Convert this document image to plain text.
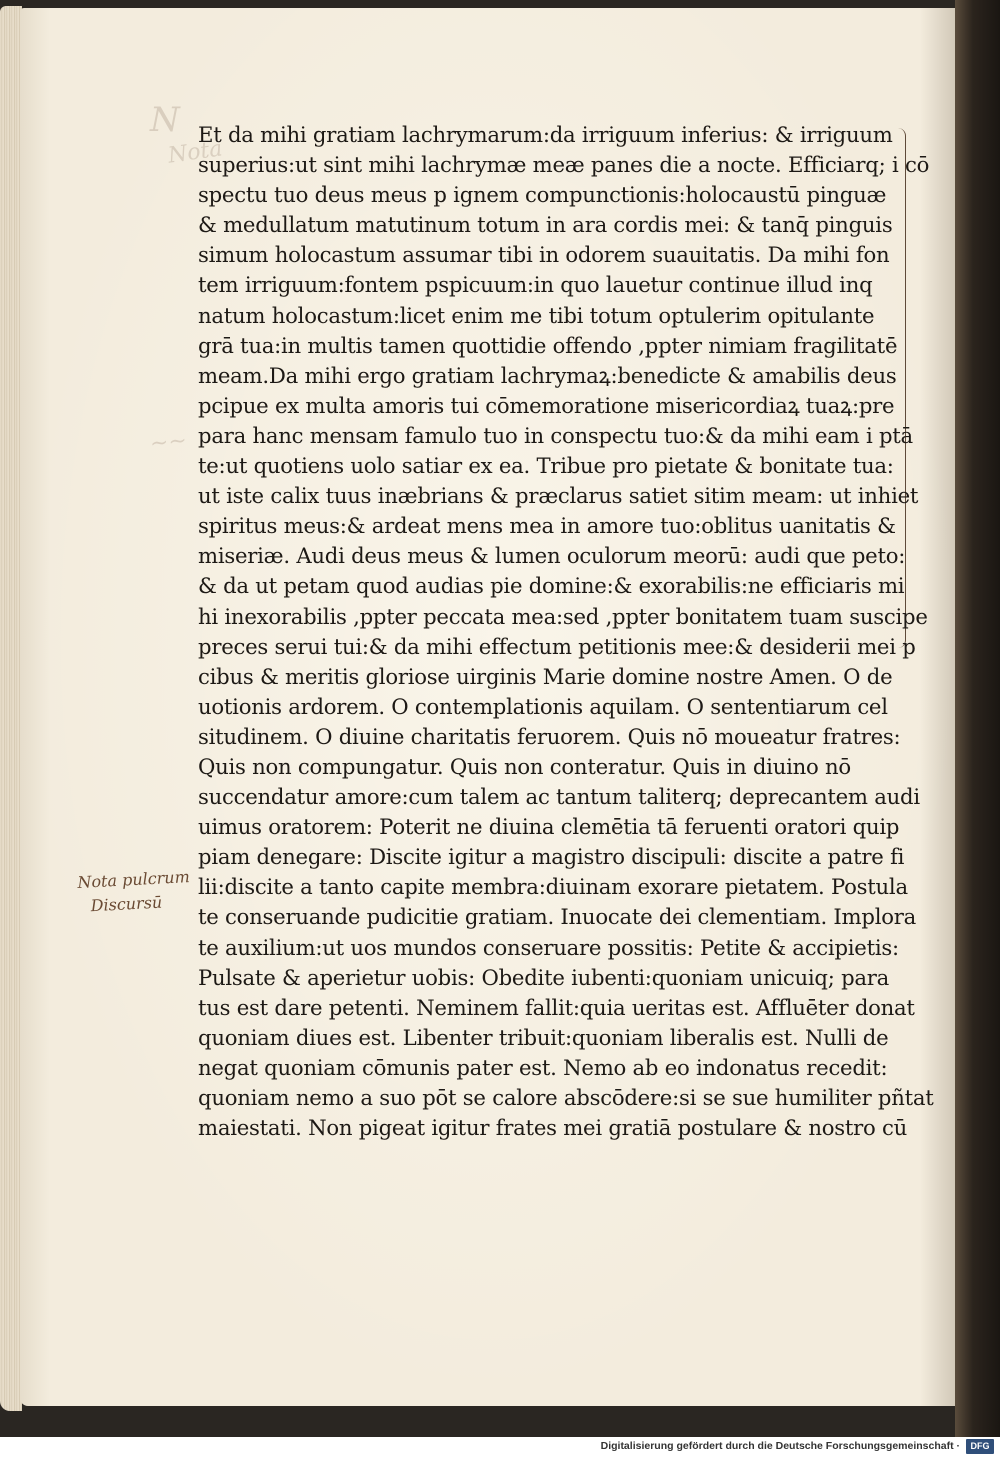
N
Nota
~~
Et da mihi gratiam lachrymarum:da irriguum inferius: & irriguum
superius:ut sint mihi lachrymæ meæ panes die a nocte. Efficiarq; i cō
spectu tuo deus meus p ignem compunctionis:holocaustū pinguæ
& medullatum matutinum totum in ara cordis mei: & tanq̄ pinguis
simum holocastum assumar tibi in odorem suauitatis. Da mihi fon
tem irriguum:fontem pspicuum:in quo lauetur continue illud inq
natum holocastum:licet enim me tibi totum optulerim opitulante
grā tua:in multis tamen quottidie offendo ,ppter nimiam fragilitatē
meam.Da mihi ergo gratiam lachrymaꝝ:benedicte & amabilis deus
pcipue ex multa amoris tui cōmemoratione misericordiaꝝ tuaꝝ:pre
para hanc mensam famulo tuo in conspectu tuo:& da mihi eam i ptā
te:ut quotiens uolo satiar ex ea. Tribue pro pietate & bonitate tua:
ut iste calix tuus inæbrians & præclarus satiet sitim meam: ut inhiet
spiritus meus:& ardeat mens mea in amore tuo:oblitus uanitatis &
miseriæ. Audi deus meus & lumen oculorum meorū: audi que peto:
& da ut petam quod audias pie domine:& exorabilis:ne efficiaris mi
hi inexorabilis ,ppter peccata mea:sed ,ppter bonitatem tuam suscipe
preces serui tui:& da mihi effectum petitionis mee:& desiderii mei p
cibus & meritis gloriose uirginis Marie domine nostre Amen. O de
uotionis ardorem. O contemplationis aquilam. O sententiarum cel
situdinem. O diuine charitatis feruorem. Quis nō moueatur fratres:
Quis non compungatur. Quis non conteratur. Quis in diuino nō
succendatur amore:cum talem ac tantum taliterq; deprecantem audi
uimus oratorem: Poterit ne diuina clemētia tā feruenti oratori quip
piam denegare: Discite igitur a magistro discipuli: discite a patre fi
lii:discite a tanto capite membra:diuinam exorare pietatem. Postula
te conseruande pudicitie gratiam. Inuocate dei clementiam. Implora
te auxilium:ut uos mundos conseruare possitis: Petite & accipietis:
Pulsate & aperietur uobis: Obedite iubenti:quoniam unicuiq; para
tus est dare petenti. Neminem fallit:quia ueritas est. Affluēter donat
quoniam diues est. Libenter tribuit:quoniam liberalis est. Nulli de
negat quoniam cōmunis pater est. Nemo ab eo indonatus recedit:
quoniam nemo a suo pōt se calore abscōdere:si se sue humiliter pñtat
maiestati. Non pigeat igitur frates mei gratiā postulare & nostro cū
Nota pulcrum
Discursū
Digitalisierung gefördert durch die Deutsche Forschungsgemeinschaft ·	DFG
